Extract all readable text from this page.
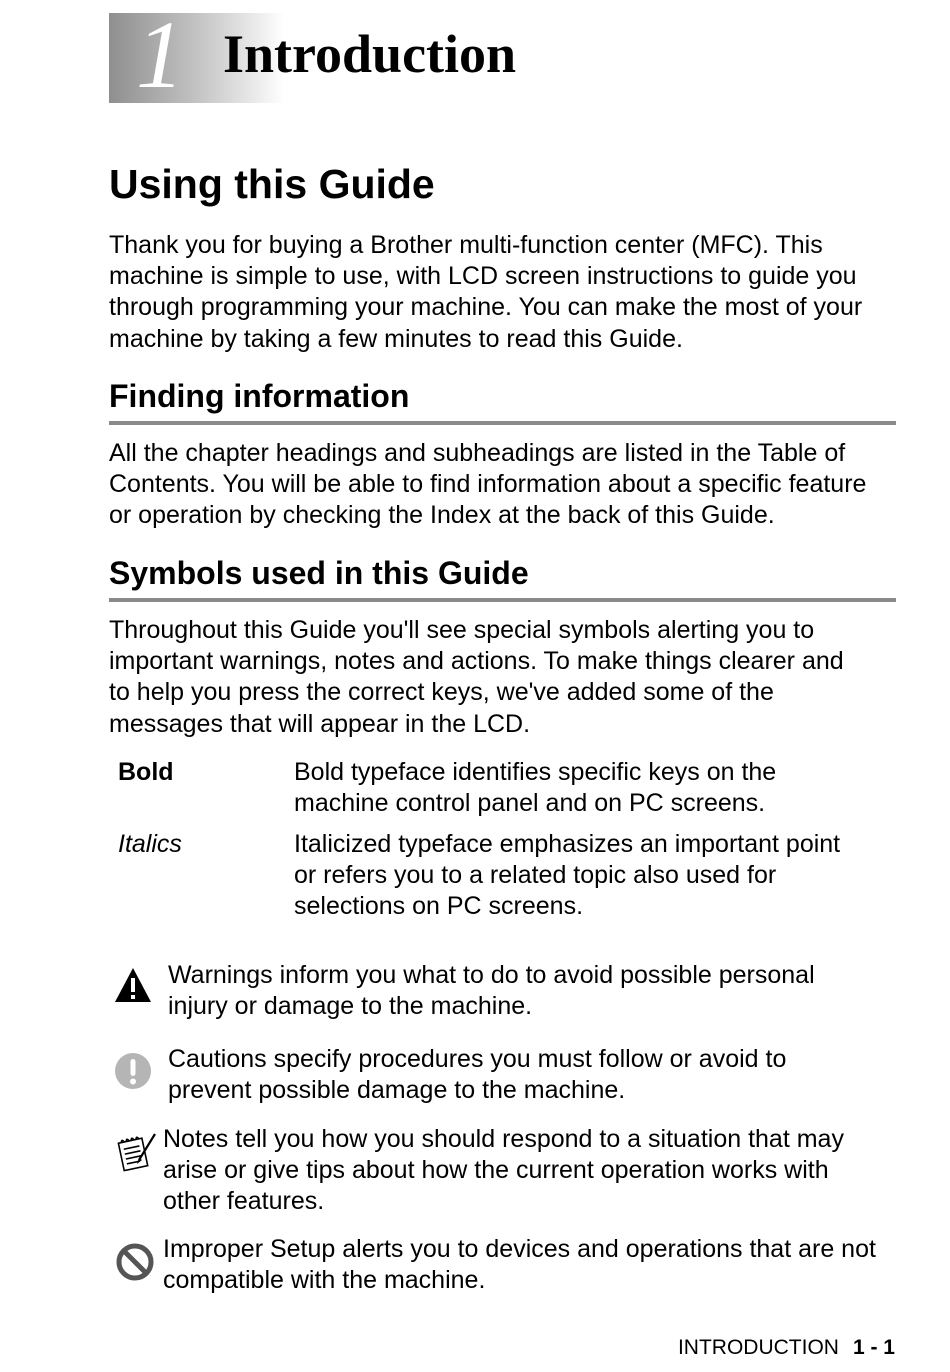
1 Introduction
Using this Guide
Thank you for buying a Brother multi-function center (MFC). This
machine is simple to use, with LCD screen instructions to guide you
through programming your machine. You can make the most of your
machine by taking a few minutes to read this Guide.
Finding information
All the chapter headings and subheadings are listed in the Table of
Contents. You will be able to find information about a specific feature
or operation by checking the Index at the back of this Guide.
Symbols used in this Guide
Throughout this Guide you'll see special symbols alerting you to
important warnings, notes and actions. To make things clearer and
to help you press the correct keys, we've added some of the
messages that will appear in the LCD.
Bold	Bold typeface identifies specific keys on the
machine control panel and on PC screens.
Italics	Italicized typeface emphasizes an important point
or refers you to a related topic also used for
selections on PC screens.
Warnings inform you what to do to avoid possible personal
injury or damage to the machine.
Cautions specify procedures you must follow or avoid to
prevent possible damage to the machine.
Notes tell you how you should respond to a situation that may
arise or give tips about how the current operation works with
other features.
Improper Setup alerts you to devices and operations that are not
compatible with the machine.
INTRODUCTION 1 - 1
